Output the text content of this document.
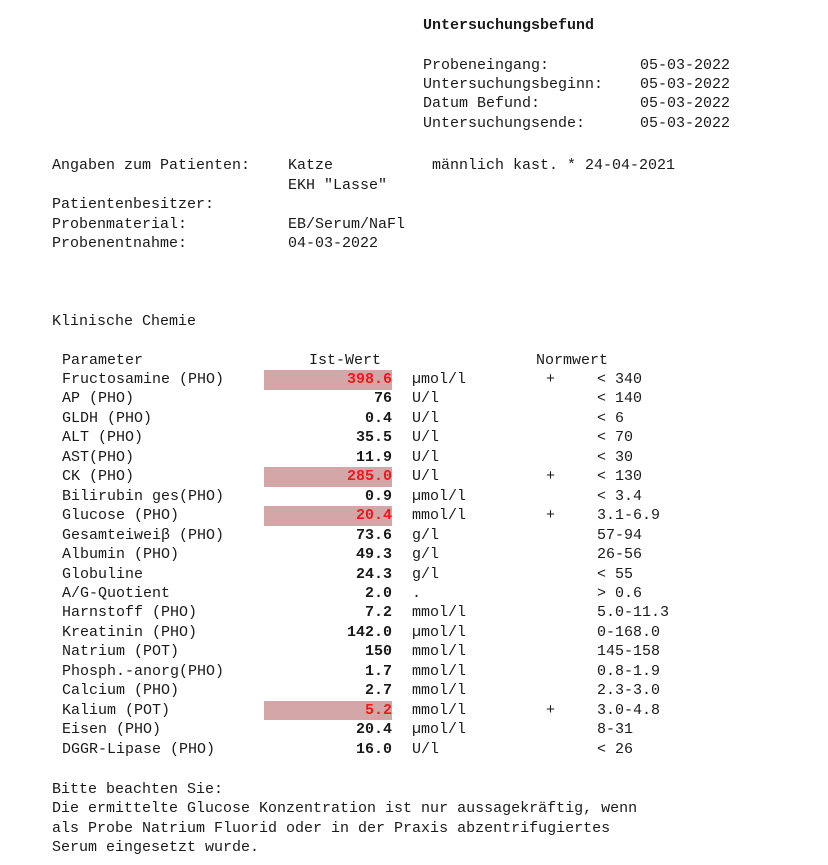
Untersuchungsbefund
Probeneingang:	05-03-2022
Untersuchungsbeginn: 05-03-2022
Datum Befund:	05-03-2022
Untersuchungsende:	05-03-2022
Angaben zum Patienten:	Katze	männlich kast. * 24-04-2021
EKH "Lasse"
Patientenbesitzer:
Probenmaterial:	EB/Serum/NaFl
Probenentnahme:	04-03-2022
Klinische Chemie
Parameter	Ist-Wert	Normwert
Fructosamine (PHO)	398.6 µmol/l	+	< 340
AP (PHO)	76 U/l	< 140
GLDH (PHO)	0.4 U/l	< 6
ALT (PHO)	35.5 U/l	< 70
AST(PHO)	11.9 U/l	< 30
CK (PHO)	285.0 U/l	+	< 130
Bilirubin ges(PHO)	0.9 µmol/l	< 3.4
Glucose (PHO)	20.4 mmol/l	+	3.1-6.9
Gesamteiweiβ (PHO)	73.6 g/l	57-94
Albumin (PHO)	49.3 g/l	26-56
Globuline	24.3 g/l	< 55
A/G-Quotient	2.0 .	> 0.6
Harnstoff (PHO)	7.2 mmol/l	5.0-11.3
Kreatinin (PHO)	142.0 µmol/l	0-168.0
Natrium (POT)	150 mmol/l	145-158
Phosph.-anorg(PHO)	1.7 mmol/l	0.8-1.9
Calcium (PHO)	2.7 mmol/l	2.3-3.0
Kalium (POT)	5.2 mmol/l	+	3.0-4.8
Eisen (PHO)	20.4 µmol/l	8-31
DGGR-Lipase (PHO)	16.0 U/l	< 26
Bitte beachten Sie:
Die ermittelte Glucose Konzentration ist nur aussagekräftig, wenn
als Probe Natrium Fluorid oder in der Praxis abzentrifugiertes
Serum eingesetzt wurde.
